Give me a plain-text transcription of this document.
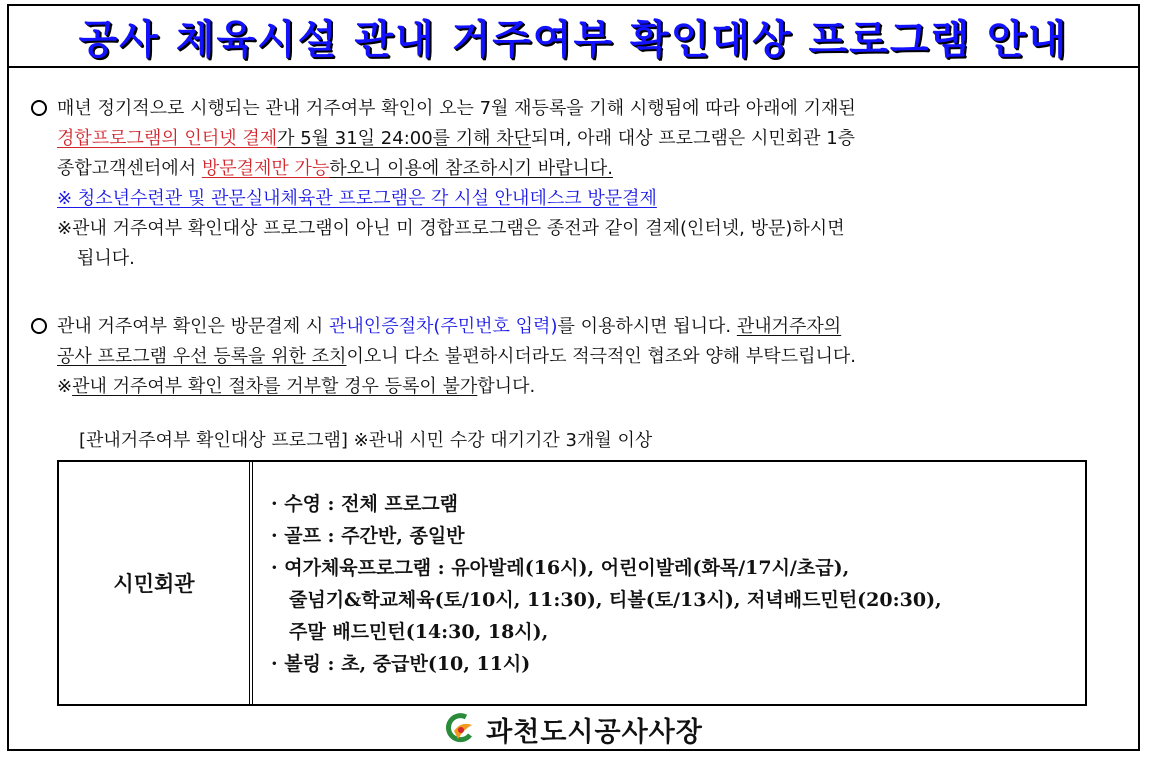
공사 체육시설 관내 거주여부 확인대상 프로그램 안내
매년 정기적으로 시행되는 관내 거주여부 확인이 오는 7월 재등록을 기해 시행됨에 따라 아래에 기재된
경합프로그램의 인터넷 결제가 5월 31일 24:00를 기해 차단되며, 아래 대상 프로그램은 시민회관 1층
종합고객센터에서 방문결제만 가능하오니 이용에 참조하시기 바랍니다.
※ 청소년수련관 및 관문실내체육관 프로그램은 각 시설 안내데스크 방문결제
※관내 거주여부 확인대상 프로그램이 아닌 미 경합프로그램은 종전과 같이 결제(인터넷, 방문)하시면
됩니다.
관내 거주여부 확인은 방문결제 시 관내인증절차(주민번호 입력)를 이용하시면 됩니다. 관내거주자의
공사 프로그램 우선 등록을 위한 조치이오니 다소 불편하시더라도 적극적인 협조와 양해 부탁드립니다.
※관내 거주여부 확인 절차를 거부할 경우 등록이 불가합니다.
[관내거주여부 확인대상 프로그램] ※관내 시민 수강 대기기간 3개월 이상
시민회관
· 수영 : 전체 프로그램
· 골프 : 주간반, 종일반
· 여가체육프로그램 : 유아발레(16시), 어린이발레(화목/17시/초급),
줄넘기&학교체육(토/10시, 11:30), 티볼(토/13시), 저녁배드민턴(20:30),
주말 배드민턴(14:30, 18시),
· 볼링 : 초, 중급반(10, 11시)
과천도시공사사장
